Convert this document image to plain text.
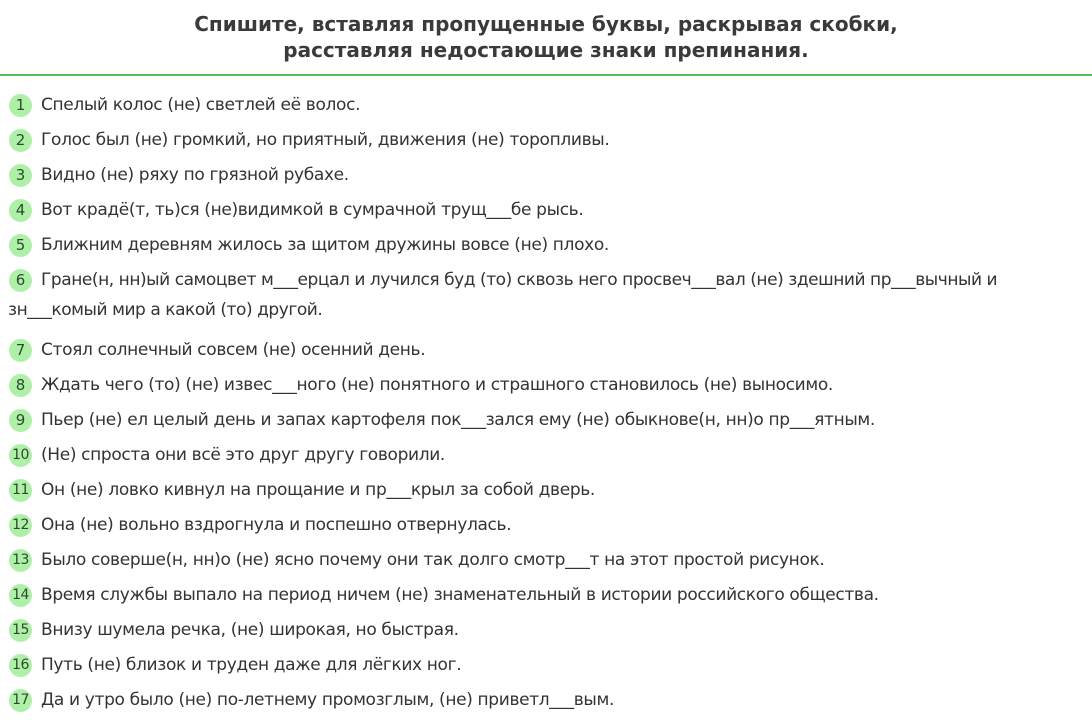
Спишите, вставляя пропущенные буквы, раскрывая скобки,
расставляя недостающие знаки препинания.
1 Спелый колос (не) светлей её волос.
2 Голос был (не) громкий, но приятный, движения (не) торопливы.
3 Видно (не) ряху по грязной рубахе.
4 Вот крадё(т, ть)ся (не)видимкой в сумрачной трущ___бе рысь.
5 Ближним деревням жилось за щитом дружины вовсе (не) плохо.
6 Гране(н, нн)ый самоцвет м___ерцал и лучился буд (то) сквозь него просвеч___вал (не) здешний пр___вычный и зн___комый мир а какой (то) другой.
7 Стоял солнечный совсем (не) осенний день.
8 Ждать чего (то) (не) извес___ного (не) понятного и страшного становилось (не) выносимо.
9 Пьер (не) ел целый день и запах картофеля пок___зался ему (не) обыкнове(н, нн)о пр___ятным.
10 (Не) спроста они всё это друг другу говорили.
11 Он (не) ловко кивнул на прощание и пр___крыл за собой дверь.
12 Она (не) вольно вздрогнула и поспешно отвернулась.
13 Было соверше(н, нн)о (не) ясно почему они так долго смотр___т на этот простой рисунок.
14 Время службы выпало на период ничем (не) знаменательный в истории российского общества.
15 Внизу шумела речка, (не) широкая, но быстрая.
16 Путь (не) близок и труден даже для лёгких ног.
17 Да и утро было (не) по-летнему промозглым, (не) приветл___вым.
